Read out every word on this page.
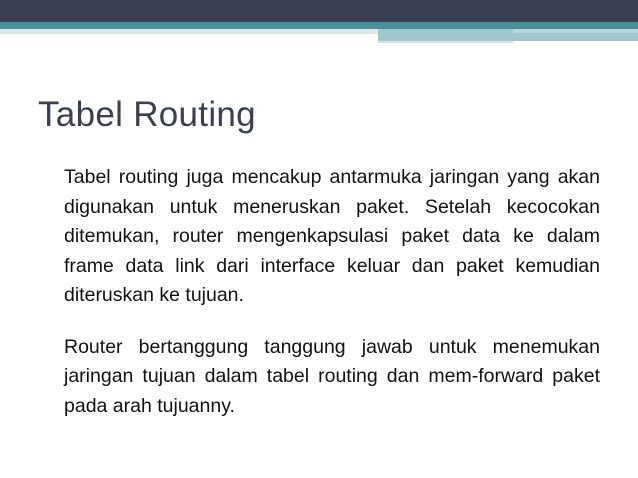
Tabel Routing

Tabel routing juga mencakup antarmuka jaringan yang akan digunakan untuk meneruskan paket. Setelah kecocokan ditemukan, router mengenkapsulasi paket data ke dalam frame data link dari interface keluar dan paket kemudian diteruskan ke tujuan.

Router bertanggung tanggung jawab untuk menemukan jaringan tujuan dalam tabel routing dan mem-forward paket pada arah tujuanny.
